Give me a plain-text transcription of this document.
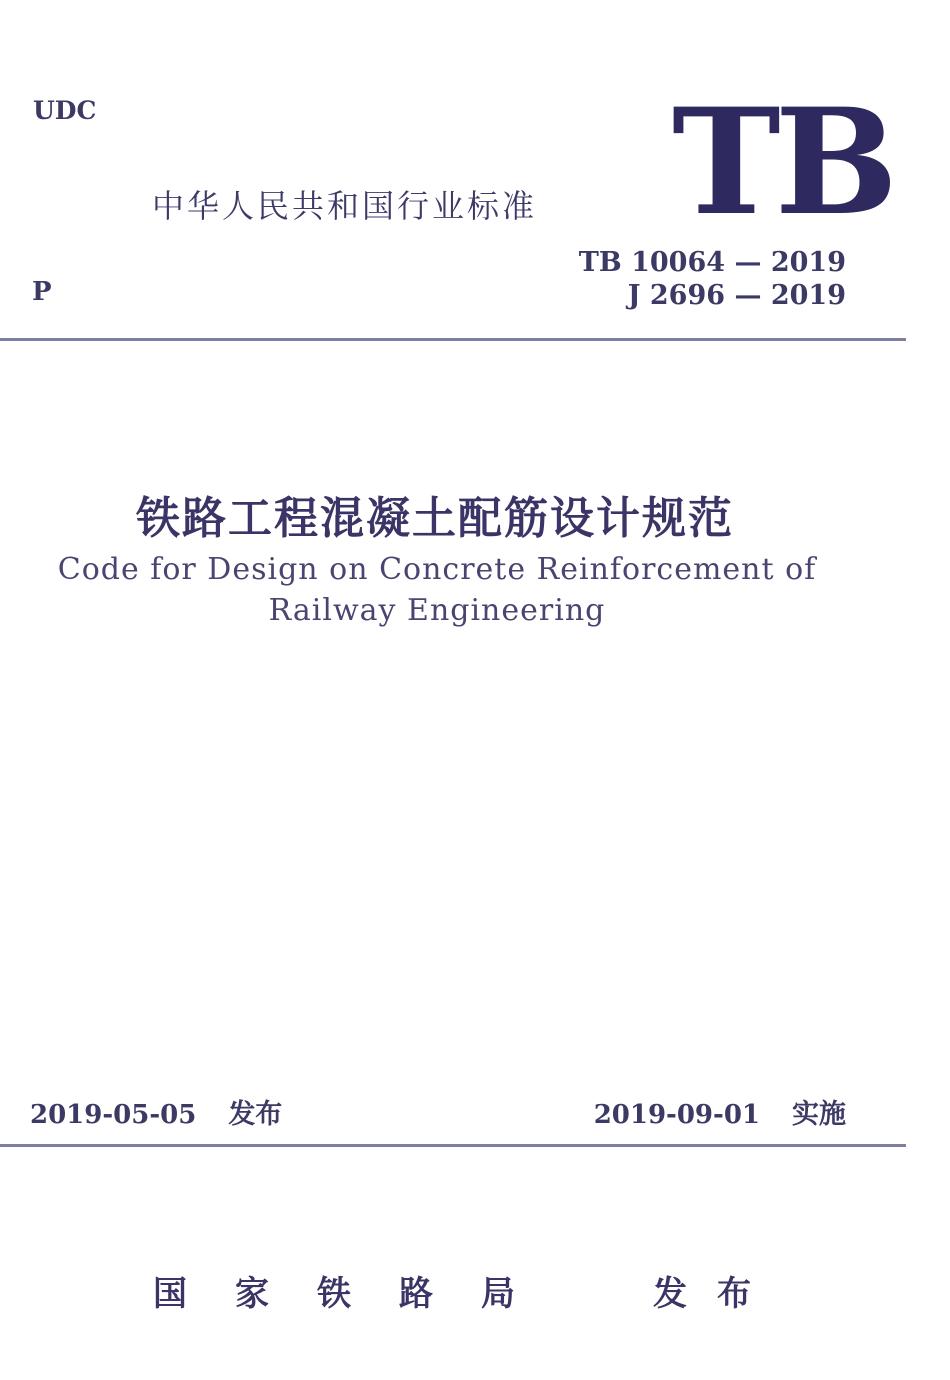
UDC
中华人民共和国行业标准 TB
TB 10064 — 2019
J 2696 — 2019
P
铁路工程混凝土配筋设计规范
Code for Design on Concrete Reinforcement of
Railway Engineering
2019-05-05 发布	2019-09-01 实施
国家铁路局	发布
